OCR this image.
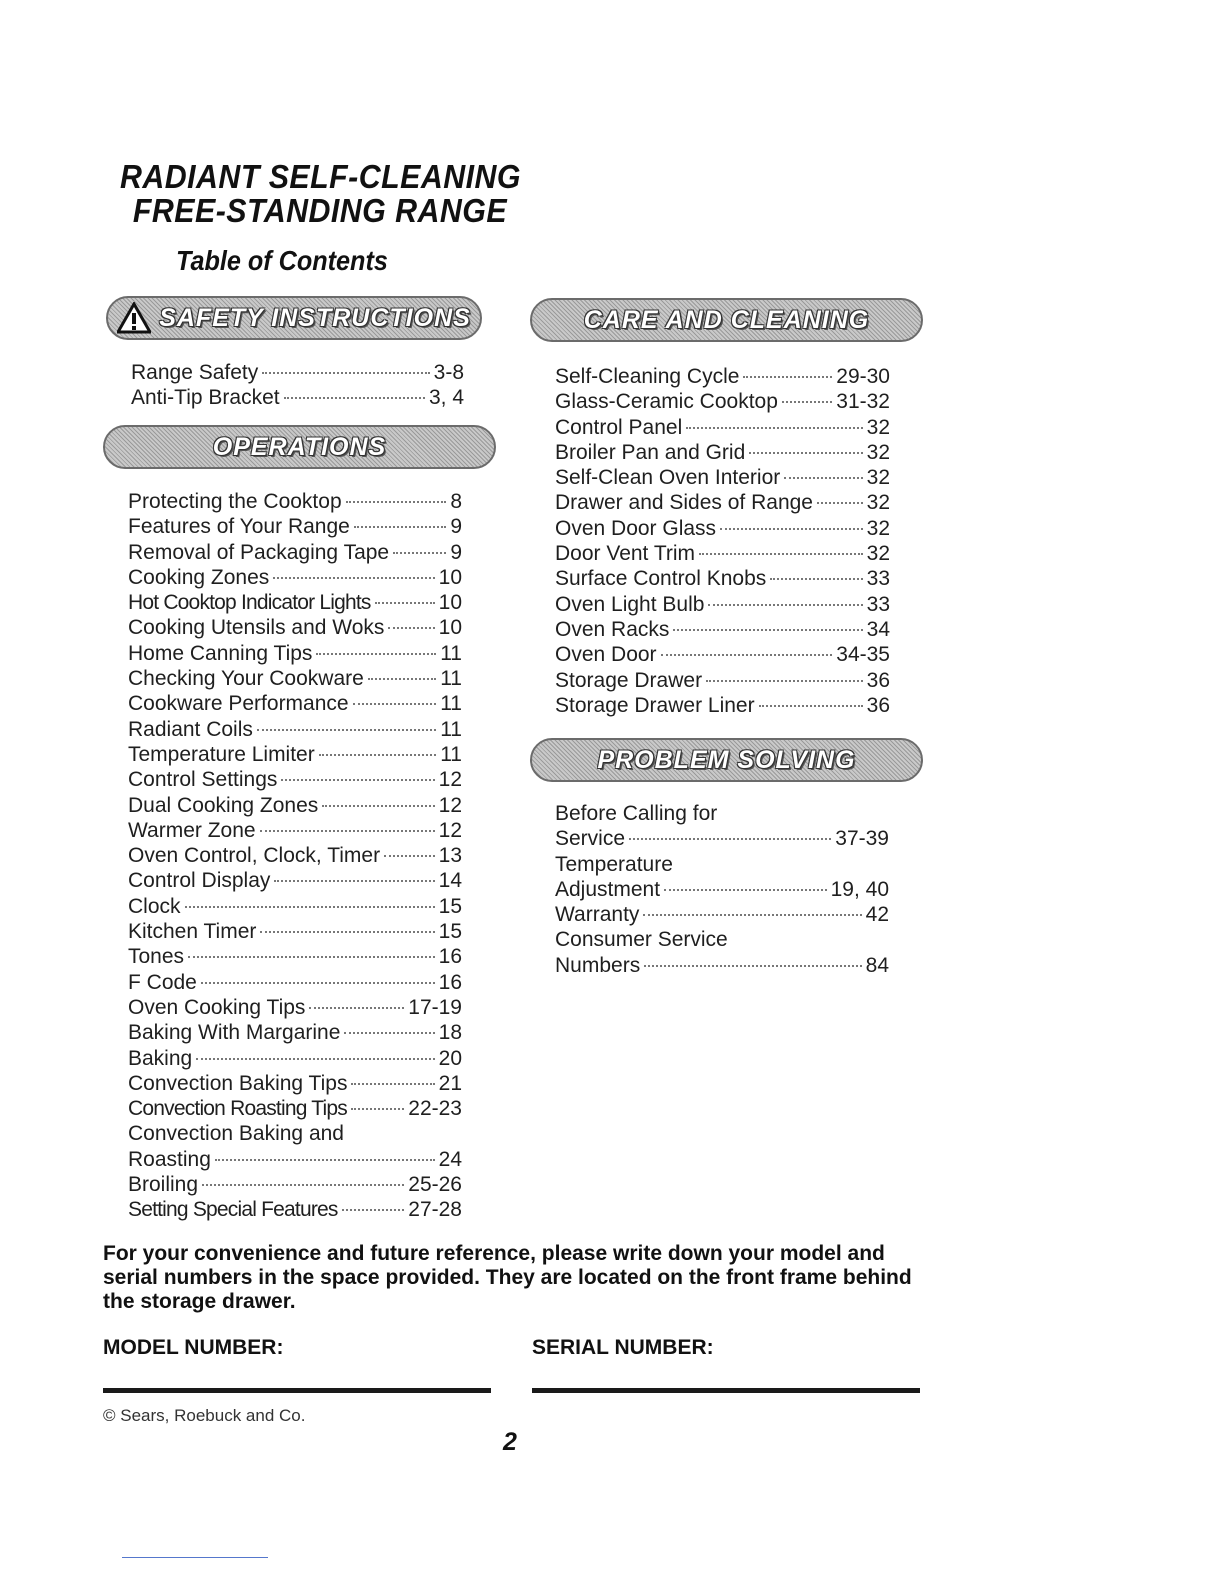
RADIANT SELF-CLEANING
FREE-STANDING RANGE
Table of Contents
SAFETY INSTRUCTIONS
Range Safety	3-8
Anti-Tip Bracket	3, 4
OPERATIONS
Protecting the Cooktop	8
Features of Your Range	9
Removal of Packaging Tape	9
Cooking Zones	10
Hot Cooktop Indicator Lights	10
Cooking Utensils and Woks	10
Home Canning Tips	11
Checking Your Cookware	11
Cookware Performance	11
Radiant Coils	11
Temperature Limiter	11
Control Settings	12
Dual Cooking Zones	12
Warmer Zone	12
Oven Control, Clock, Timer	13
Control Display	14
Clock	15
Kitchen Timer	15
Tones	16
F Code	16
Oven Cooking Tips	17-19
Baking With Margarine	18
Baking	20
Convection Baking Tips	21
Convection Roasting Tips	22-23
Convection Baking and
Roasting	24
Broiling	25-26
Setting Special Features	27-28
CARE AND CLEANING
Self-Cleaning Cycle	29-30
Glass-Ceramic Cooktop	31-32
Control Panel	32
Broiler Pan and Grid	32
Self-Clean Oven Interior	32
Drawer and Sides of Range	32
Oven Door Glass	32
Door Vent Trim	32
Surface Control Knobs	33
Oven Light Bulb	33
Oven Racks	34
Oven Door	34-35
Storage Drawer	36
Storage Drawer Liner	36
PROBLEM SOLVING
Before Calling for
Service	37-39
Temperature
Adjustment	19, 40
Warranty	42
Consumer Service
Numbers	84
For your convenience and future reference, please write down your model and serial numbers in the space provided. They are located on the front frame behind the storage drawer.
MODEL NUMBER:	SERIAL NUMBER:
© Sears, Roebuck and Co.
2
